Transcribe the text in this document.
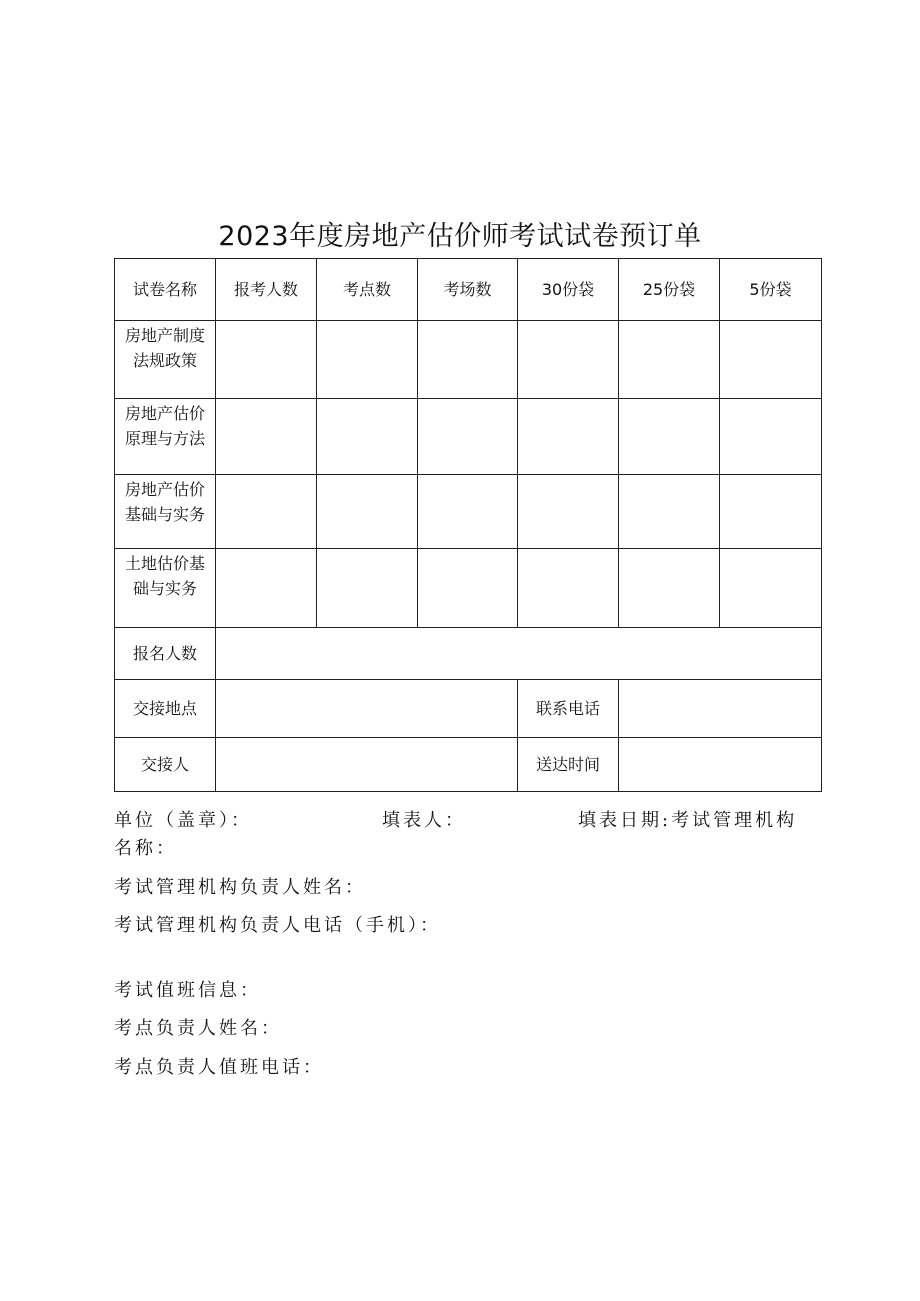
2023年度房地产估价师考试试卷预订单
试卷名称	报考人数	考点数	考场数	30份袋	25份袋	5份袋

房地产制度
法规政策						

房地产估价
原理与方法						

房地产估价
基础与实务						

土地估价基
础与实务						

报名人数						
交接地点				联系电话		
交接人				送达时间		
单位（盖章）：	填表人：	填表日期:考试管理机构
名称：
考试管理机构负责人姓名：
考试管理机构负责人电话（手机）：
考试值班信息：
考点负责人姓名：
考点负责人值班电话：
